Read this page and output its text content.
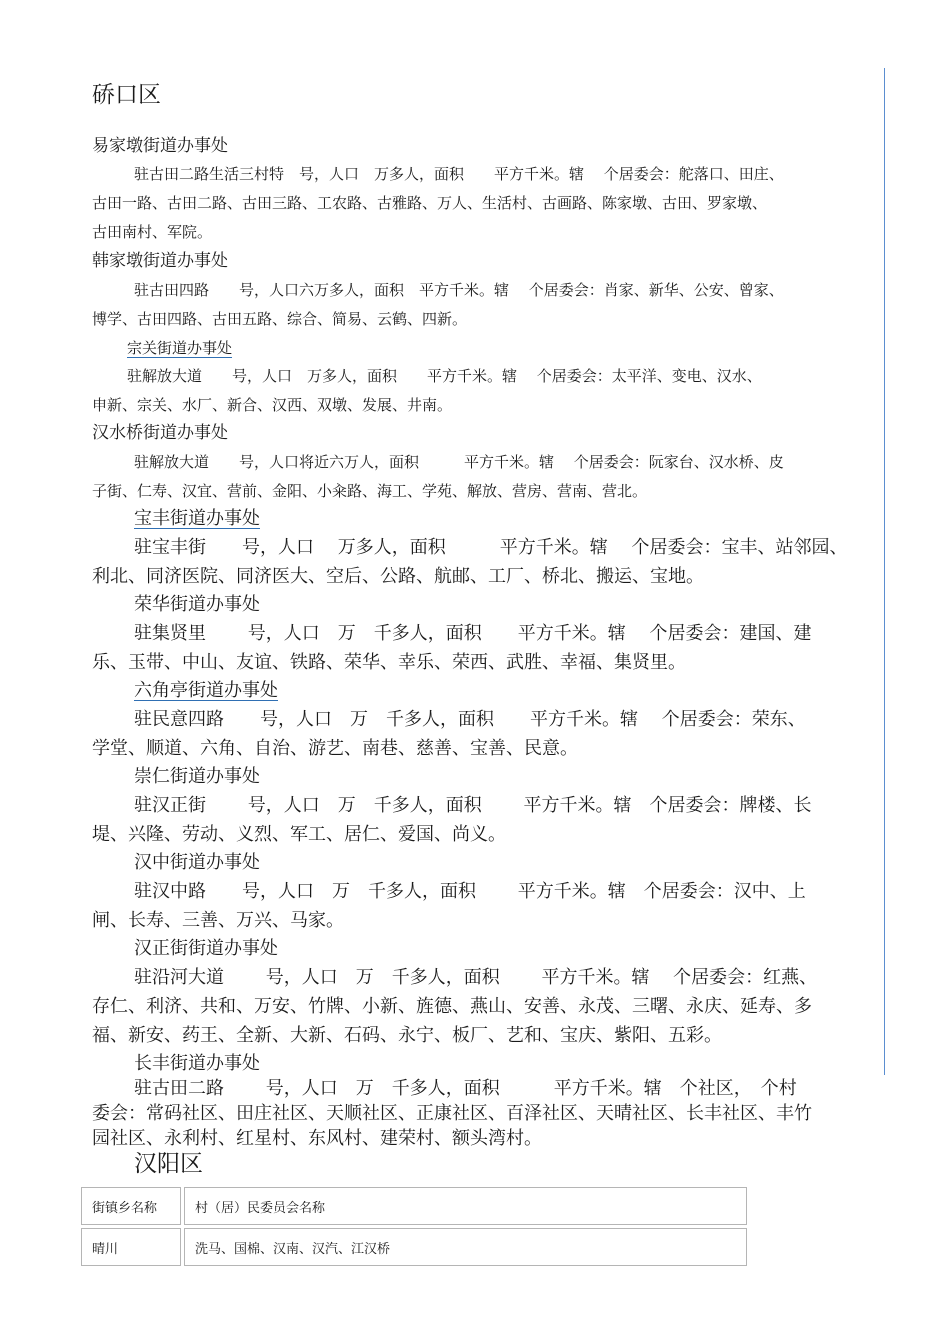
硚口区
易家墩街道办事处
驻古田二路生活三村特　号，人口　万多人，面积　　平方千米。辖　 个居委会：舵落口、田庄、
古田一路、古田二路、古田三路、工农路、古雅路、万人、生活村、古画路、陈家墩、古田、罗家墩、
古田南村、军院。
韩家墩街道办事处
驻古田四路　　号，人口六万多人，面积　平方千米。辖　 个居委会：肖家、新华、公安、曾家、
博学、古田四路、古田五路、综合、简易、云鹤、四新。
宗关街道办事处
驻解放大道　　号，人口　万多人，面积　　平方千米。辖　 个居委会：太平洋、变电、汉水、
申新、宗关、水厂、新合、汉西、双墩、发展、井南。
汉水桥街道办事处
驻解放大道　　号，人口将近六万人，面积　　　平方千米。辖　 个居委会：阮家台、汉水桥、皮
子街、仁寿、汉宜、营前、金阳、小籴路、海工、学苑、解放、营房、营南、营北。
宝丰街道办事处
驻宝丰街　　号，人口　 万多人，面积　　　平方千米。辖　 个居委会：宝丰、站邻园、
利北、同济医院、同济医大、空后、公路、航邮、工厂、桥北、搬运、宝地。
荣华街道办事处
驻集贤里　　 号，人口　万　千多人，面积　　平方千米。辖　 个居委会：建国、建
乐、玉带、中山、友谊、铁路、荣华、幸乐、荣西、武胜、幸福、集贤里。
六角亭街道办事处
驻民意四路　　号，人口　万　千多人，面积　　平方千米。辖　 个居委会：荣东、
学堂、顺道、六角、自治、游艺、南巷、慈善、宝善、民意。
崇仁街道办事处
驻汉正街　　 号，人口　万　千多人，面积　　 平方千米。辖　个居委会：牌楼、长
堤、兴隆、劳动、义烈、军工、居仁、爱国、尚义。
汉中街道办事处
驻汉中路　　号，人口　万　千多人，面积　　 平方千米。辖　个居委会：汉中、上
闸、长寿、三善、万兴、马家。
汉正街街道办事处
驻沿河大道　　 号，人口　万　千多人，面积　　 平方千米。辖　 个居委会：红燕、
存仁、利济、共和、万安、竹牌、小新、旌德、燕山、安善、永茂、三曙、永庆、延寿、多
福、新安、药王、全新、大新、石码、永宁、板厂、艺和、宝庆、紫阳、五彩。
长丰街道办事处
驻古田二路　　 号，人口　万　千多人，面积　　　平方千米。辖　个社区，　个村
委会：常码社区、田庄社区、天顺社区、正康社区、百泽社区、天晴社区、长丰社区、丰竹
园社区、永利村、红星村、东风村、建荣村、额头湾村。
汉阳区
街镇乡名称	村（居）民委员会名称
晴川	洗马、国棉、汉南、汉汽、江汉桥
